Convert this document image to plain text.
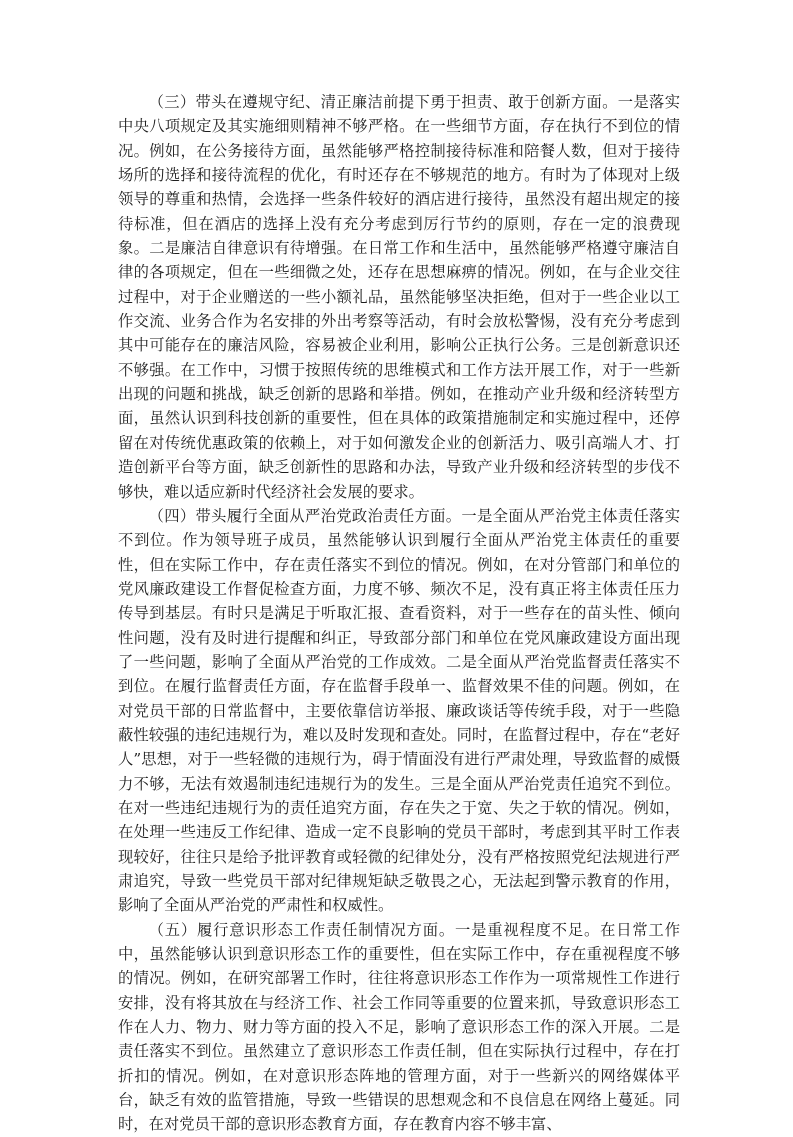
（三）带头在遵规守纪、清正廉洁前提下勇于担责、敢于创新方面。一是落实中央八项规定及其实施细则精神不够严格。在一些细节方面，存在执行不到位的情况。例如，在公务接待方面，虽然能够严格控制接待标准和陪餐人数，但对于接待场所的选择和接待流程的优化，有时还存在不够规范的地方。有时为了体现对上级领导的尊重和热情，会选择一些条件较好的酒店进行接待，虽然没有超出规定的接待标准，但在酒店的选择上没有充分考虑到厉行节约的原则，存在一定的浪费现象。二是廉洁自律意识有待增强。在日常工作和生活中，虽然能够严格遵守廉洁自律的各项规定，但在一些细微之处，还存在思想麻痹的情况。例如，在与企业交往过程中，对于企业赠送的一些小额礼品，虽然能够坚决拒绝，但对于一些企业以工作交流、业务合作为名安排的外出考察等活动，有时会放松警惕，没有充分考虑到其中可能存在的廉洁风险，容易被企业利用，影响公正执行公务。三是创新意识还不够强。在工作中，习惯于按照传统的思维模式和工作方法开展工作，对于一些新出现的问题和挑战，缺乏创新的思路和举措。例如，在推动产业升级和经济转型方面，虽然认识到科技创新的重要性，但在具体的政策措施制定和实施过程中，还停留在对传统优惠政策的依赖上，对于如何激发企业的创新活力、吸引高端人才、打造创新平台等方面，缺乏创新性的思路和办法，导致产业升级和经济转型的步伐不够快，难以适应新时代经济社会发展的要求。

（四）带头履行全面从严治党政治责任方面。一是全面从严治党主体责任落实不到位。作为领导班子成员，虽然能够认识到履行全面从严治党主体责任的重要性，但在实际工作中，存在责任落实不到位的情况。例如，在对分管部门和单位的党风廉政建设工作督促检查方面，力度不够、频次不足，没有真正将主体责任压力传导到基层。有时只是满足于听取汇报、查看资料，对于一些存在的苗头性、倾向性问题，没有及时进行提醒和纠正，导致部分部门和单位在党风廉政建设方面出现了一些问题，影响了全面从严治党的工作成效。二是全面从严治党监督责任落实不到位。在履行监督责任方面，存在监督手段单一、监督效果不佳的问题。例如，在对党员干部的日常监督中，主要依靠信访举报、廉政谈话等传统手段，对于一些隐蔽性较强的违纪违规行为，难以及时发现和查处。同时，在监督过程中，存在“老好人”思想，对于一些轻微的违规行为，碍于情面没有进行严肃处理，导致监督的威慑力不够，无法有效遏制违纪违规行为的发生。三是全面从严治党责任追究不到位。在对一些违纪违规行为的责任追究方面，存在失之于宽、失之于软的情况。例如，在处理一些违反工作纪律、造成一定不良影响的党员干部时，考虑到其平时工作表现较好，往往只是给予批评教育或轻微的纪律处分，没有严格按照党纪法规进行严肃追究，导致一些党员干部对纪律规矩缺乏敬畏之心，无法起到警示教育的作用，影响了全面从严治党的严肃性和权威性。

（五）履行意识形态工作责任制情况方面。一是重视程度不足。在日常工作中，虽然能够认识到意识形态工作的重要性，但在实际工作中，存在重视程度不够的情况。例如，在研究部署工作时，往往将意识形态工作作为一项常规性工作进行安排，没有将其放在与经济工作、社会工作同等重要的位置来抓，导致意识形态工作在人力、物力、财力等方面的投入不足，影响了意识形态工作的深入开展。二是责任落实不到位。虽然建立了意识形态工作责任制，但在实际执行过程中，存在打折扣的情况。例如，在对意识形态阵地的管理方面，对于一些新兴的网络媒体平台，缺乏有效的监管措施，导致一些错误的思想观念和不良信息在网络上蔓延。同时，在对党员干部的意识形态教育方面，存在教育内容不够丰富、
